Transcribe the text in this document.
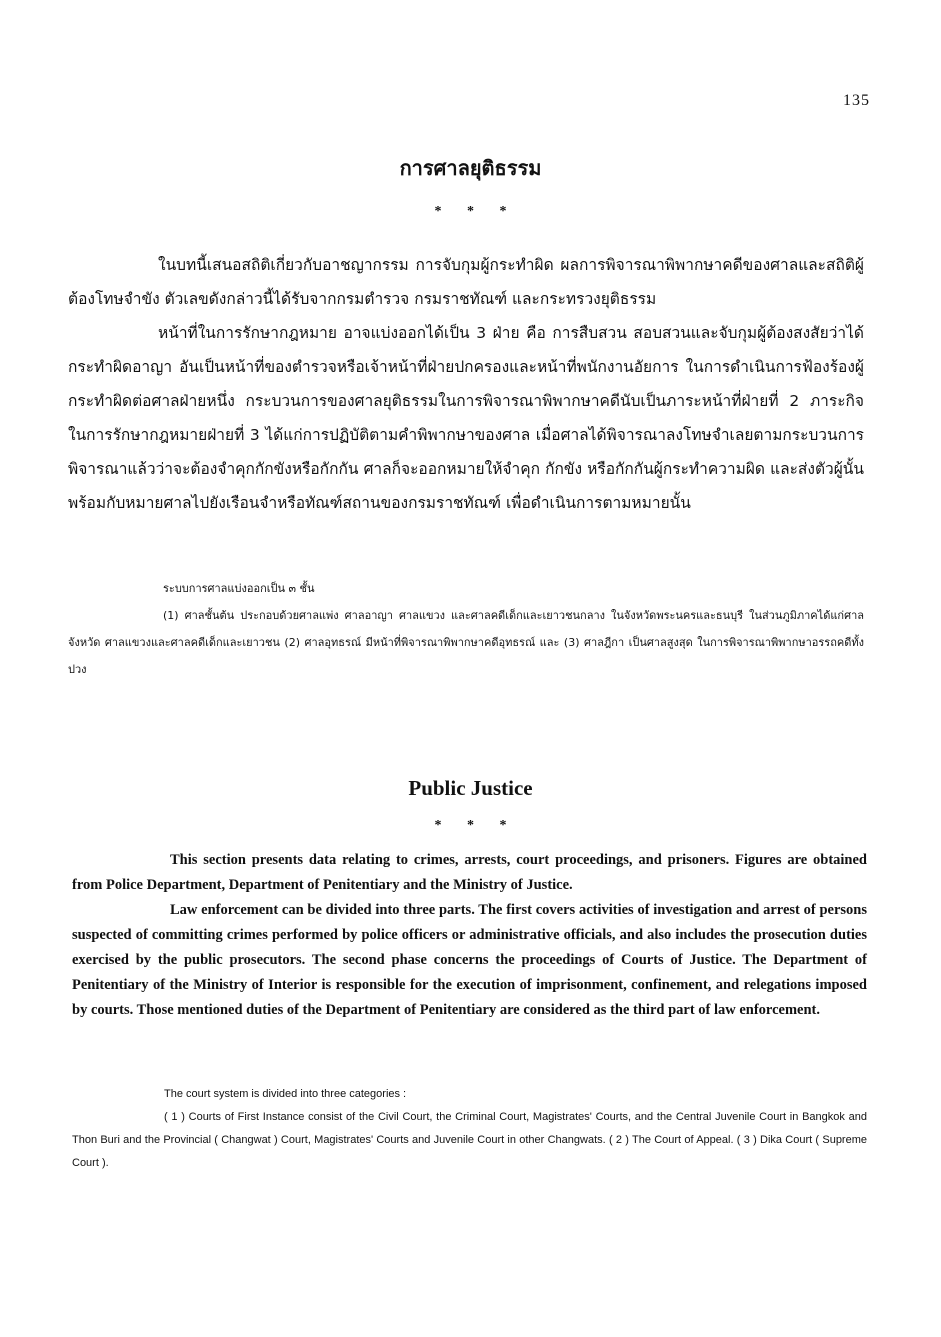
135
การศาลยุติธรรม
* * *

ในบทนี้เสนอสถิติเกี่ยวกับอาชญากรรม การจับกุมผู้กระทำผิด ผลการพิจารณาพิพากษาคดีของศาลและสถิติผู้ต้องโทษจำขัง ตัวเลขดังกล่าวนี้ได้รับจากกรมตำรวจ กรมราชทัณฑ์ และกระทรวงยุติธรรม

หน้าที่ในการรักษากฎหมาย อาจแบ่งออกได้เป็น 3 ฝ่าย คือ การสืบสวน สอบสวนและจับกุมผู้ต้องสงสัยว่าได้กระทำผิดอาญา อันเป็นหน้าที่ของตำรวจหรือเจ้าหน้าที่ฝ่ายปกครองและหน้าที่พนักงานอัยการ ในการดำเนินการฟ้องร้องผู้กระทำผิดต่อศาลฝ่ายหนึ่ง กระบวนการของศาลยุติธรรมในการพิจารณาพิพากษาคดีนับเป็นภาระหน้าที่ฝ่ายที่ 2 ภาระกิจในการรักษากฎหมายฝ่ายที่ 3 ได้แก่การปฏิบัติตามคำพิพากษาของศาล เมื่อศาลได้พิจารณาลงโทษจำเลยตามกระบวนการพิจารณาแล้วว่าจะต้องจำคุกกักขังหรือกักกัน ศาลก็จะออกหมายให้จำคุก กักขัง หรือกักกันผู้กระทำความผิด และส่งตัวผู้นั้นพร้อมกับหมายศาลไปยังเรือนจำหรือทัณฑ์สถานของกรมราชทัณฑ์ เพื่อดำเนินการตามหมายนั้น

ระบบการศาลแบ่งออกเป็น ๓ ชั้น

(1) ศาลชั้นต้น ประกอบด้วยศาลแพ่ง ศาลอาญา ศาลแขวง และศาลคดีเด็กและเยาวชนกลาง ในจังหวัดพระนครและธนบุรี ในส่วนภูมิภาคได้แก่ศาลจังหวัด ศาลแขวงและศาลคดีเด็กและเยาวชน (2) ศาลอุทธรณ์ มีหน้าที่พิจารณาพิพากษาคดีอุทธรณ์ และ (3) ศาลฎีกา เป็นศาลสูงสุด ในการพิจารณาพิพากษาอรรถคดีทั้งปวง

Public Justice
* * *

This section presents data relating to crimes, arrests, court proceedings, and prisoners. Figures are obtained from Police Department, Department of Penitentiary and the Ministry of Justice.

Law enforcement can be divided into three parts. The first covers activities of investigation and arrest of persons suspected of committing crimes performed by police officers or administrative officials, and also includes the prosecution duties exercised by the public prosecutors. The second phase concerns the proceedings of Courts of Justice. The Department of Penitentiary of the Ministry of Interior is responsible for the execution of imprisonment, confinement, and relegations imposed by courts. Those mentioned duties of the Department of Penitentiary are considered as the third part of law enforcement.

The court system is divided into three categories :

( 1 ) Courts of First Instance consist of the Civil Court, the Criminal Court, Magistrates' Courts, and the Central Juvenile Court in Bangkok and Thon Buri and the Provincial ( Changwat ) Court, Magistrates' Courts and Juvenile Court in other Changwats. ( 2 ) The Court of Appeal. ( 3 ) Dika Court ( Supreme Court ).
